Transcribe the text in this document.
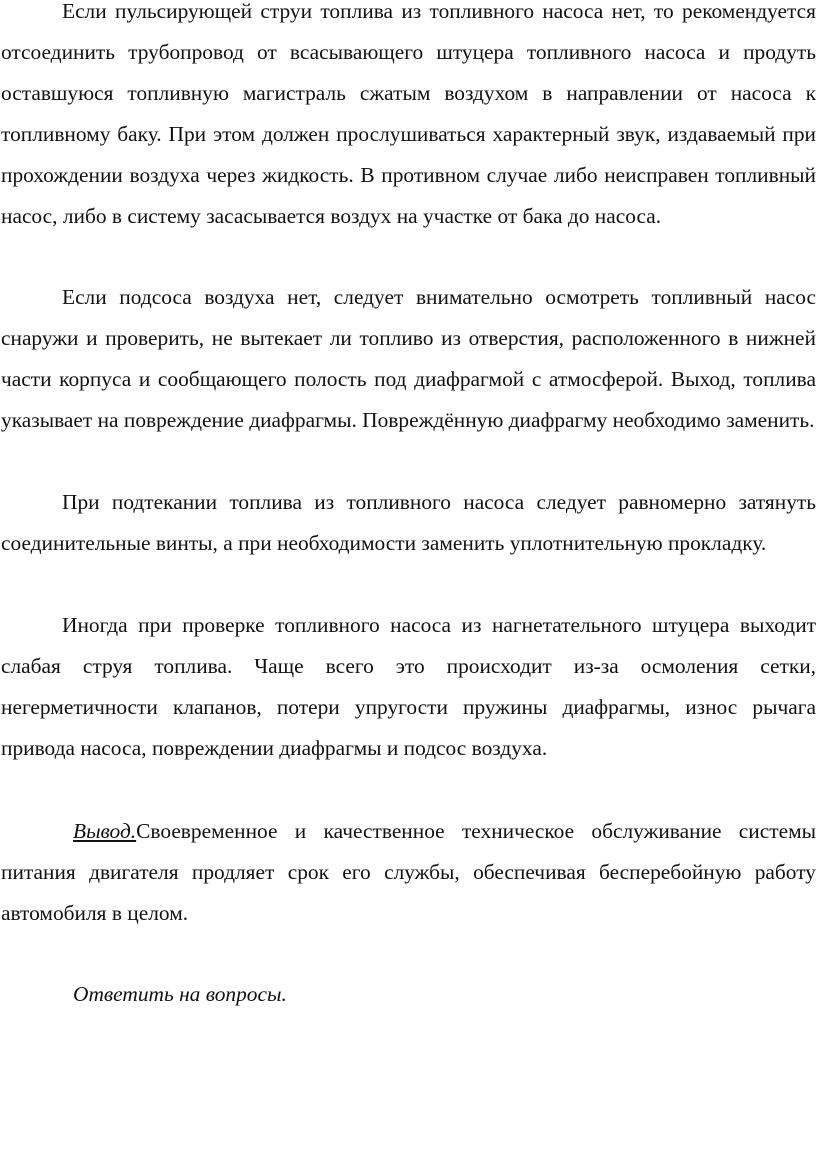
Если пульсирующей струи топлива из топливного насоса нет, то рекомендуется отсоединить трубопровод от всасывающего штуцера топливного насоса и продуть оставшуюся топливную магистраль сжатым воздухом в направлении от насоса к топливному баку. При этом должен прослушиваться характерный звук, издаваемый при прохождении воздуха через жидкость. В противном случае либо неисправен топливный насос, либо в систему засасывается воздух на участке от бака до насоса.

Если подсоса воздуха нет, следует внимательно осмотреть топливный насос снаружи и проверить, не вытекает ли топливо из отверстия, расположенного в нижней части корпуса и сообщающего полость под диафрагмой с атмосферой. Выход, топлива указывает на повреждение диафрагмы. Повреждённую диафрагму необходимо заменить.

При подтекании топлива из топливного насоса следует равномерно затянуть соединительные винты, а при необходимости заменить уплотнительную прокладку.

Иногда при проверке топливного насоса из нагнетательного штуцера выходит слабая струя топлива. Чаще всего это происходит из-за осмоления сетки, негерметичности клапанов, потери упругости пружины диафрагмы, износ рычага привода насоса, повреждении диафрагмы и подсос воздуха.

Вывод.Своевременное и качественное техническое обслуживание системы питания двигателя продляет срок его службы, обеспечивая бесперебойную работу автомобиля в целом.

Ответить на вопросы.
